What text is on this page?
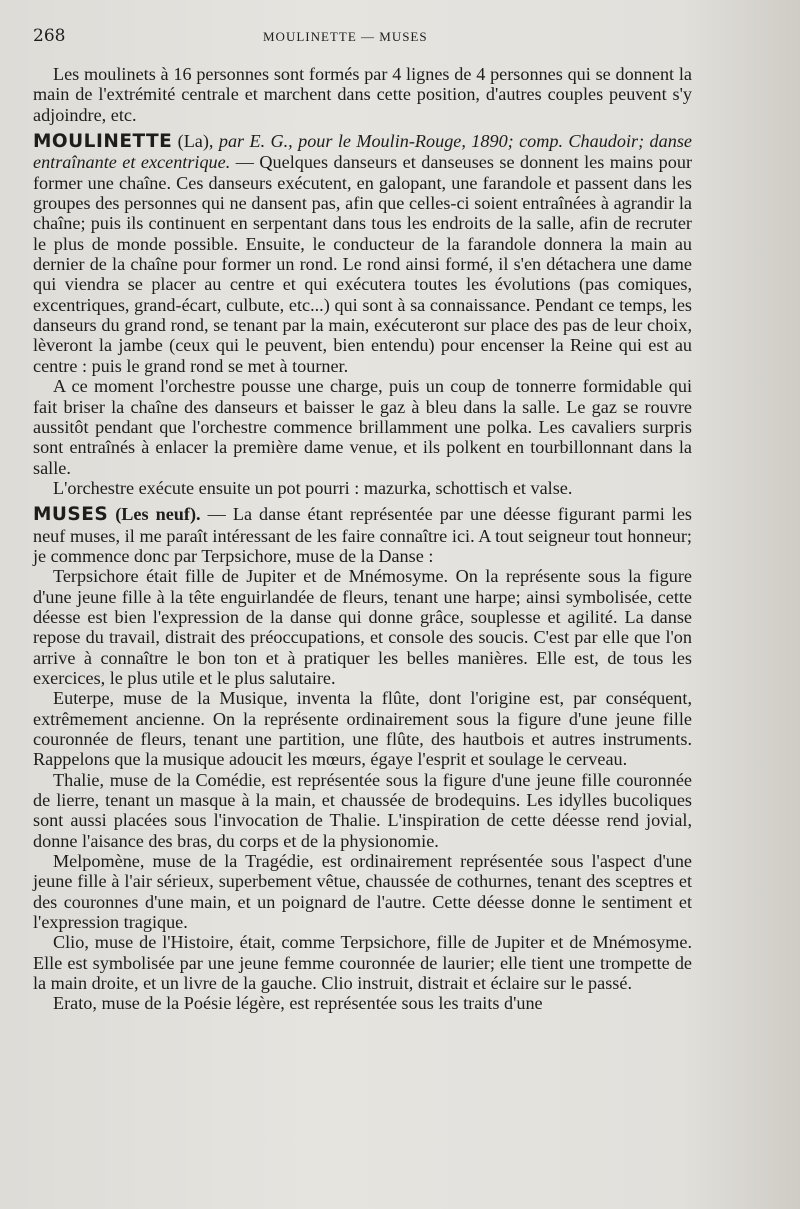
268	MOULINETTE — MUSES

Les moulinets à 16 personnes sont formés par 4 lignes de 4 personnes qui se donnent la main de l'extrémité centrale et marchent dans cette position, d'autres couples peuvent s'y adjoindre, etc.

MOULINETTE (La), par E. G., pour le Moulin-Rouge, 1890; comp. Chaudoir; danse entraînante et excentrique. — Quelques danseurs et danseuses se donnent les mains pour former une chaîne. Ces danseurs exécutent, en galopant, une farandole et passent dans les groupes des personnes qui ne dansent pas, afin que celles-ci soient entraînées à agrandir la chaîne; puis ils continuent en serpentant dans tous les endroits de la salle, afin de recruter le plus de monde possible. Ensuite, le conducteur de la farandole donnera la main au dernier de la chaîne pour former un rond. Le rond ainsi formé, il s'en détachera une dame qui viendra se placer au centre et qui exécutera toutes les évolutions (pas comiques, excentriques, grand-écart, culbute, etc...) qui sont à sa connaissance. Pendant ce temps, les danseurs du grand rond, se tenant par la main, exécuteront sur place des pas de leur choix, lèveront la jambe (ceux qui le peuvent, bien entendu) pour encenser la Reine qui est au centre : puis le grand rond se met à tourner.

A ce moment l'orchestre pousse une charge, puis un coup de tonnerre formidable qui fait briser la chaîne des danseurs et baisser le gaz à bleu dans la salle. Le gaz se rouvre aussitôt pendant que l'orchestre commence brillamment une polka. Les cavaliers surpris sont entraînés à enlacer la première dame venue, et ils polkent en tourbillonnant dans la salle.

L'orchestre exécute ensuite un pot pourri : mazurka, schottisch et valse.

MUSES (Les neuf). — La danse étant représentée par une déesse figurant parmi les neuf muses, il me paraît intéressant de les faire connaître ici. A tout seigneur tout honneur; je commence donc par Terpsichore, muse de la Danse :

Terpsichore était fille de Jupiter et de Mnémosyme. On la représente sous la figure d'une jeune fille à la tête enguirlandée de fleurs, tenant une harpe; ainsi symbolisée, cette déesse est bien l'expression de la danse qui donne grâce, souplesse et agilité. La danse repose du travail, distrait des préoccupations, et console des soucis. C'est par elle que l'on arrive à connaître le bon ton et à pratiquer les belles manières. Elle est, de tous les exercices, le plus utile et le plus salutaire.

Euterpe, muse de la Musique, inventa la flûte, dont l'origine est, par conséquent, extrêmement ancienne. On la représente ordinairement sous la figure d'une jeune fille couronnée de fleurs, tenant une partition, une flûte, des hautbois et autres instruments. Rappelons que la musique adoucit les mœurs, égaye l'esprit et soulage le cerveau.

Thalie, muse de la Comédie, est représentée sous la figure d'une jeune fille couronnée de lierre, tenant un masque à la main, et chaussée de brodequins. Les idylles bucoliques sont aussi placées sous l'invocation de Thalie. L'inspiration de cette déesse rend jovial, donne l'aisance des bras, du corps et de la physionomie.

Melpomène, muse de la Tragédie, est ordinairement représentée sous l'aspect d'une jeune fille à l'air sérieux, superbement vêtue, chaussée de cothurnes, tenant des sceptres et des couronnes d'une main, et un poignard de l'autre. Cette déesse donne le sentiment et l'expression tragique.

Clio, muse de l'Histoire, était, comme Terpsichore, fille de Jupiter et de Mnémosyme. Elle est symbolisée par une jeune femme couronnée de laurier; elle tient une trompette de la main droite, et un livre de la gauche. Clio instruit, distrait et éclaire sur le passé.

Erato, muse de la Poésie légère, est représentée sous les traits d'une
